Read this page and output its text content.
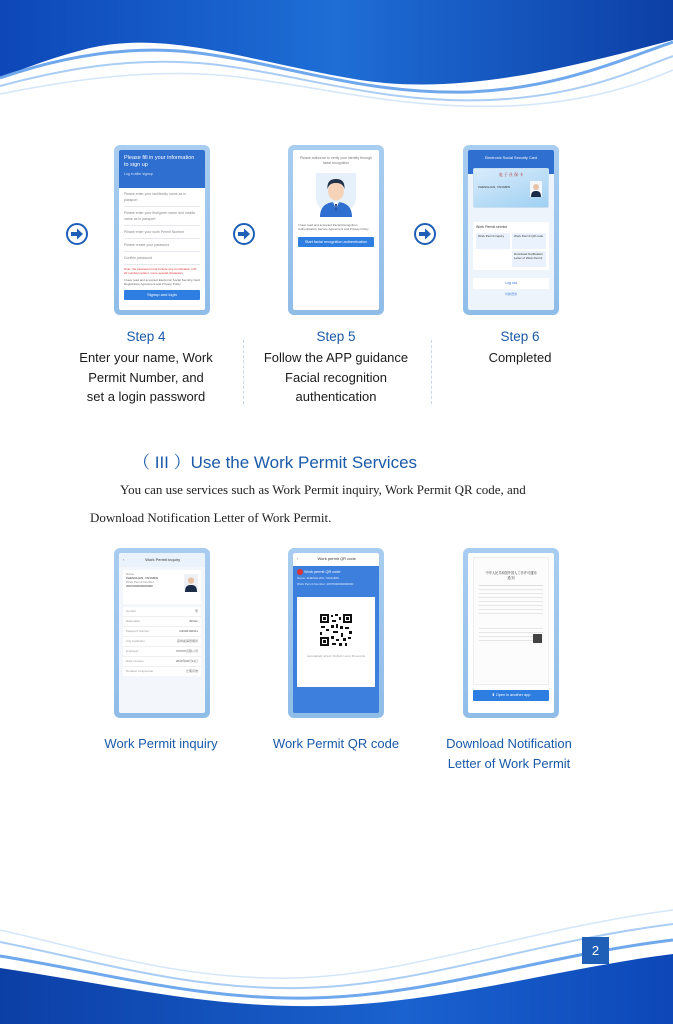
Please fill in your information to sign up
Log in after signup
Please enter your last/family name as in passport
Please enter your first/given name and middle name as in passport
Please enter your work Permit Number
Please create your password
Confirm password
Note: the password must include any combination of 8-20 numbers letters, some special characters
I have read and accepted Electronic Social Security Card Registration Agreement and Privacy Policy
Signup and login
Please authorize to verify your identity through facial recognition
I have read and accepted Facial Recognition Authentication Service Agreement and Privacy Policy
Start facial recognition authentication
Electronic Social Security Card
电 子 社 保 卡
ZHENGLIAN, YANGBIN
Work Permit service
Work Permit inquiry	Work Permit QR code
Download Notification Letter of Work Permit
Log out
切换登录
Step 4
Enter your name, Work
Permit Number, and
set a login password
Step 5
Follow the APP guidance
Facial recognition
authentication
Step 6
Completed
（ III ）Use the Work Permit Services
You can use services such as Work Permit inquiry, Work Permit QR code, and
Download Notification Letter of Work Permit.
‹	Work Permit inquiry
Name
ZHENGLIAN, YANGBIN
Work Permit Number
2007000000000000
Gender	男
Nationality	Britain
Passport Number	G3000100911
City Institution	深圳前海管理局
Employer	XXXXX有限公司
Date of Issue	2020年08月11日
Duration of approval	长期有效
‹	Work permit QR code
Work permit QR code
Name: ZHENGLIAN, YANGBIN
Work Permit Number: 2007000000000000
Automatically refresh / Refresh / every 60 seconds
中华人民共和国外国人工作许可通知
通 知
⬇ Open in another app
Work Permit inquiry	Work Permit QR code	Download Notification
Letter of Work Permit
2
